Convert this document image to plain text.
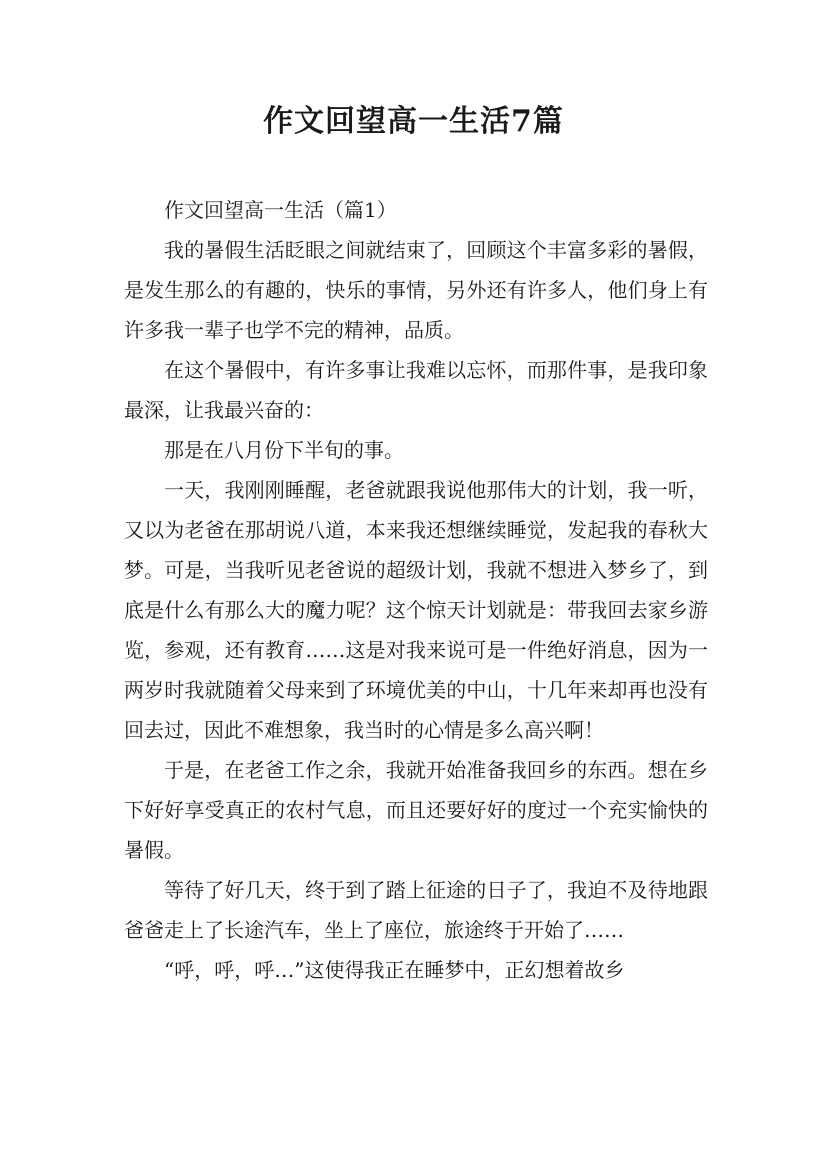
作文回望高一生活7篇

作文回望高一生活（篇1）

我的暑假生活眨眼之间就结束了，回顾这个丰富多彩的暑假，是发生那么的有趣的，快乐的事情，另外还有许多人，他们身上有许多我一辈子也学不完的精神，品质。

在这个暑假中，有许多事让我难以忘怀，而那件事，是我印象最深，让我最兴奋的：

那是在八月份下半旬的事。

一天，我刚刚睡醒，老爸就跟我说他那伟大的计划，我一听，又以为老爸在那胡说八道，本来我还想继续睡觉，发起我的春秋大梦。可是，当我听见老爸说的超级计划，我就不想进入梦乡了，到底是什么有那么大的魔力呢？这个惊天计划就是：带我回去家乡游览，参观，还有教育……这是对我来说可是一件绝好消息，因为一两岁时我就随着父母来到了环境优美的中山，十几年来却再也没有回去过，因此不难想象，我当时的心情是多么高兴啊！

于是，在老爸工作之余，我就开始准备我回乡的东西。想在乡下好好享受真正的农村气息，而且还要好好的度过一个充实愉快的暑假。

等待了好几天，终于到了踏上征途的日子了，我迫不及待地跟爸爸走上了长途汽车，坐上了座位，旅途终于开始了……

“呼，呼，呼…”这使得我正在睡梦中，正幻想着故乡
